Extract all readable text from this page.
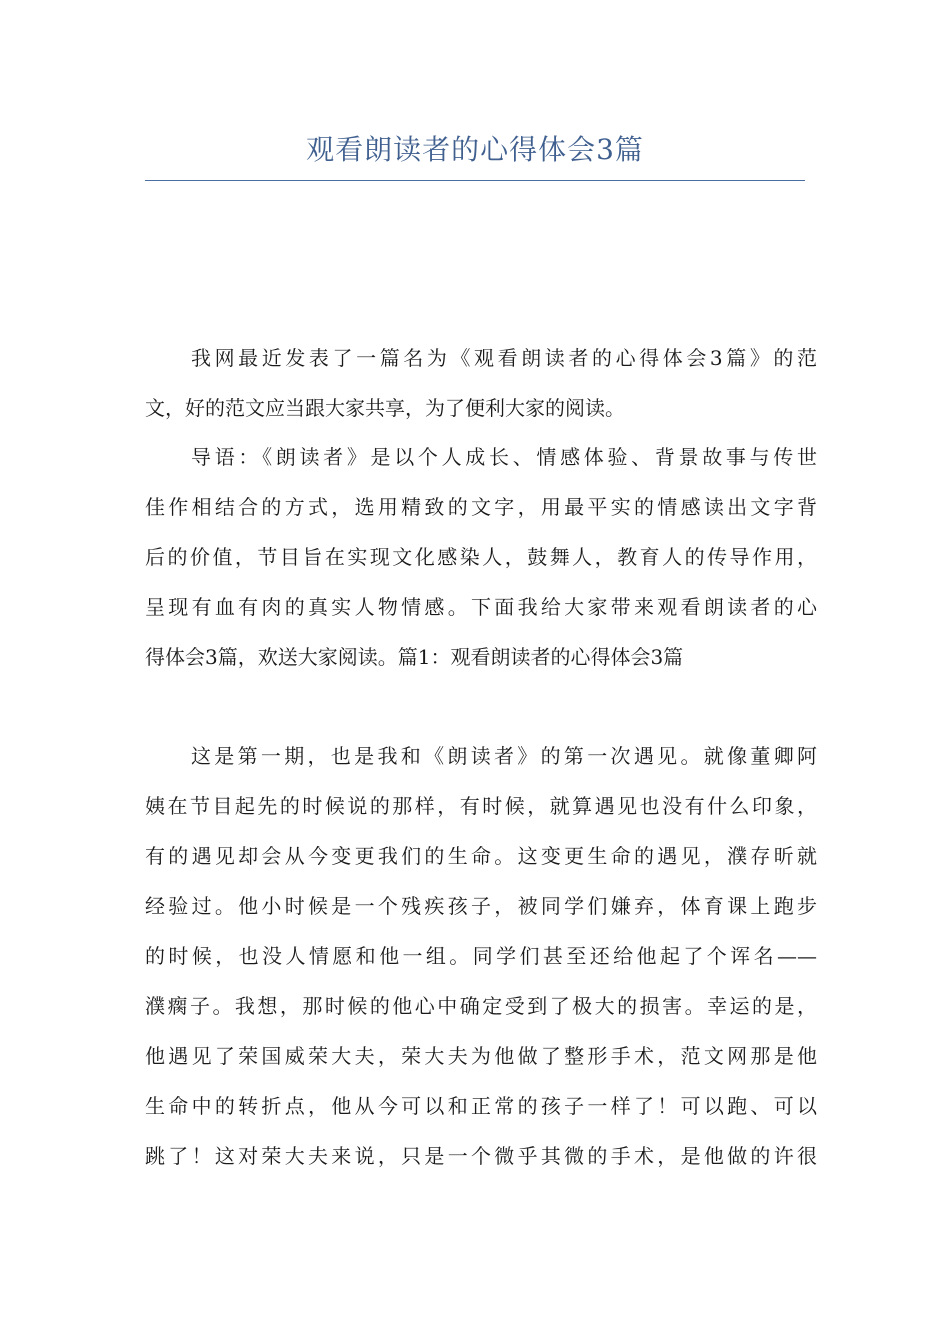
观看朗读者的心得体会3篇
我网最近发表了一篇名为《观看朗读者的心得体会3篇》的范
文，好的范文应当跟大家共享，为了便利大家的阅读。
导语：《朗读者》是以个人成长、情感体验、背景故事与传世
佳作相结合的方式，选用精致的文字，用最平实的情感读出文字背
后的价值，节目旨在实现文化感染人，鼓舞人，教育人的传导作用，
呈现有血有肉的真实人物情感。下面我给大家带来观看朗读者的心
得体会3篇，欢送大家阅读。篇1：观看朗读者的心得体会3篇
这是第一期，也是我和《朗读者》的第一次遇见。就像董卿阿
姨在节目起先的时候说的那样，有时候，就算遇见也没有什么印象，
有的遇见却会从今变更我们的生命。这变更生命的遇见，濮存昕就
经验过。他小时候是一个残疾孩子，被同学们嫌弃，体育课上跑步
的时候，也没人情愿和他一组。同学们甚至还给他起了个诨名——
濮瘸子。我想，那时候的他心中确定受到了极大的损害。幸运的是，
他遇见了荣国威荣大夫，荣大夫为他做了整形手术，范文网那是他
生命中的转折点，他从今可以和正常的孩子一样了！可以跑、可以
跳了！这对荣大夫来说，只是一个微乎其微的手术，是他做的许很
